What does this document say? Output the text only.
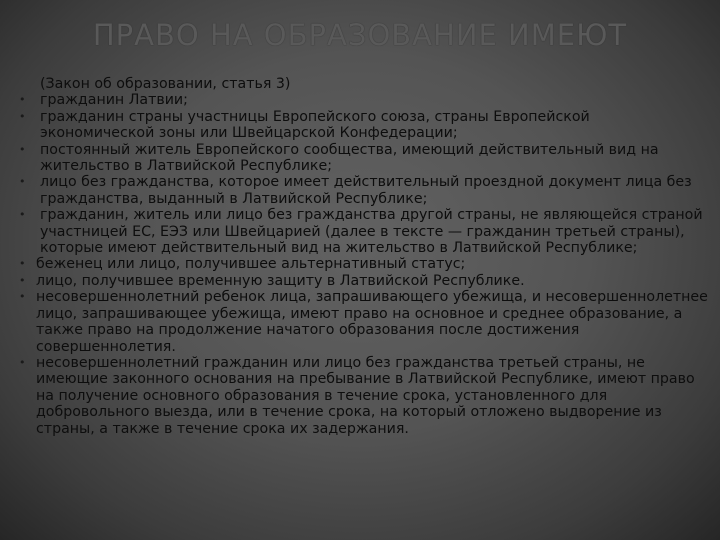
ПРАВО НА ОБРАЗОВАНИЕ ИМЕЮТ
(Закон об образовании, статья 3)
• гражданин Латвии;
• гражданин страны участницы Европейского союза, страны Европейской экономической зоны или Швейцарской Конфедерации;
• постоянный житель Европейского сообщества, имеющий действительный вид на жительство в Латвийской Республике;
• лицо без гражданства, которое имеет действительный проездной документ лица без гражданства, выданный в Латвийской Республике;
• гражданин, житель или лицо без гражданства другой страны, не являющейся страной участницей ЕС, ЕЭЗ или Швейцарией (далее в тексте — гражданин третьей страны), которые имеют действительный вид на жительство в Латвийской Республике;
• беженец или лицо, получившее альтернативный статус;
• лицо, получившее временную защиту в Латвийской Республике.
• несовершеннолетний ребенок лица, запрашивающего убежища, и несовершеннолетнее лицо, запрашивающее убежища, имеют право на основное и среднее образование, а также право на продолжение начатого образования после достижения совершеннолетия.
• несовершеннолетний гражданин или лицо без гражданства третьей страны, не имеющие законного основания на пребывание в Латвийской Республике, имеют право на получение основного образования в течение срока, установленного для добровольного выезда, или в течение срока, на который отложено выдворение из страны, а также в течение срока их задержания.
